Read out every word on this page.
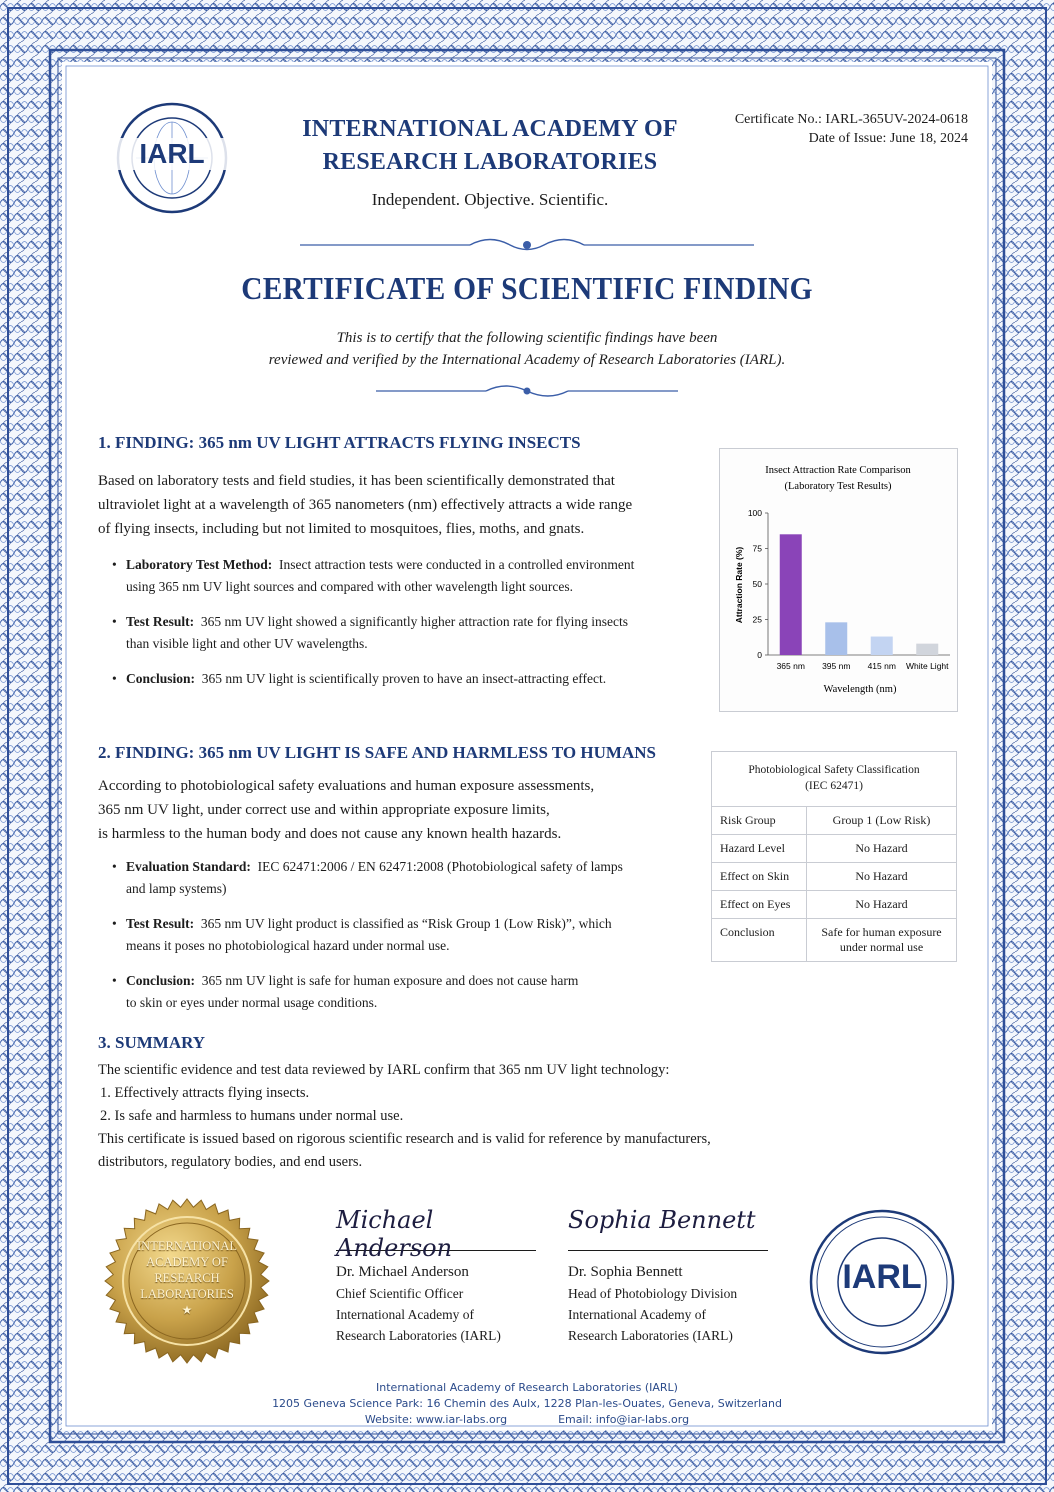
IARL
INTERNATIONAL ACADEMY OF
RESEARCH LABORATORIES
Independent. Objective. Scientific.
Certificate No.: IARL-365UV-2024-0618
Date of Issue: June 18, 2024
CERTIFICATE OF SCIENTIFIC FINDING
This is to certify that the following scientific findings have been
reviewed and verified by the International Academy of Research Laboratories (IARL).
1. FINDING: 365 nm UV LIGHT ATTRACTS FLYING INSECTS
Based on laboratory tests and field studies, it has been scientifically demonstrated that
ultraviolet light at a wavelength of 365 nanometers (nm) effectively attracts a wide range
of flying insects, including but not limited to mosquitoes, flies, moths, and gnats.
• Laboratory Test Method: Insect attraction tests were conducted in a controlled environment
using 365 nm UV light sources and compared with other wavelength light sources.
• Test Result: 365 nm UV light showed a significantly higher attraction rate for flying insects
than visible light and other UV wavelengths.
• Conclusion: 365 nm UV light is scientifically proven to have an insect-attracting effect.
Insect Attraction Rate Comparison
(Laboratory Test Results)
Attraction Rate (%)
Wavelength (nm)
0
25
50
75
100
365 nm 395 nm 415 nm White Light
2. FINDING: 365 nm UV LIGHT IS SAFE AND HARMLESS TO HUMANS
According to photobiological safety evaluations and human exposure assessments,
365 nm UV light, under correct use and within appropriate exposure limits,
is harmless to the human body and does not cause any known health hazards.
• Evaluation Standard: IEC 62471:2006 / EN 62471:2008 (Photobiological safety of lamps
and lamp systems)
• Test Result: 365 nm UV light product is classified as “Risk Group 1 (Low Risk)”, which
means it poses no photobiological hazard under normal use.
• Conclusion: 365 nm UV light is safe for human exposure and does not cause harm
to skin or eyes under normal usage conditions.
Photobiological Safety Classification
(IEC 62471)
Risk Group	Group 1 (Low Risk)
Hazard Level	No Hazard
Effect on Skin	No Hazard
Effect on Eyes	No Hazard
Conclusion	Safe for human exposure
under normal use
3. SUMMARY
The scientific evidence and test data reviewed by IARL confirm that 365 nm UV light technology:
1. Effectively attracts flying insects.
2. Is safe and harmless to humans under normal use.
This certificate is issued based on rigorous scientific research and is valid for reference by manufacturers,
distributors, regulatory bodies, and end users.
INTERNATIONAL
ACADEMY OF
RESEARCH
LABORATORIES
★
Michael Anderson
Dr. Michael Anderson
Chief Scientific Officer
International Academy of
Research Laboratories (IARL)
Sophia Bennett
Dr. Sophia Bennett
Head of Photobiology Division
International Academy of
Research Laboratories (IARL)
IARL
International Academy of Research Laboratories (IARL)
1205 Geneva Science Park: 16 Chemin des Aulx, 1228 Plan-les-Ouates, Geneva, Switzerland
Website: www.iar-labs.org	Email: info@iar-labs.org
